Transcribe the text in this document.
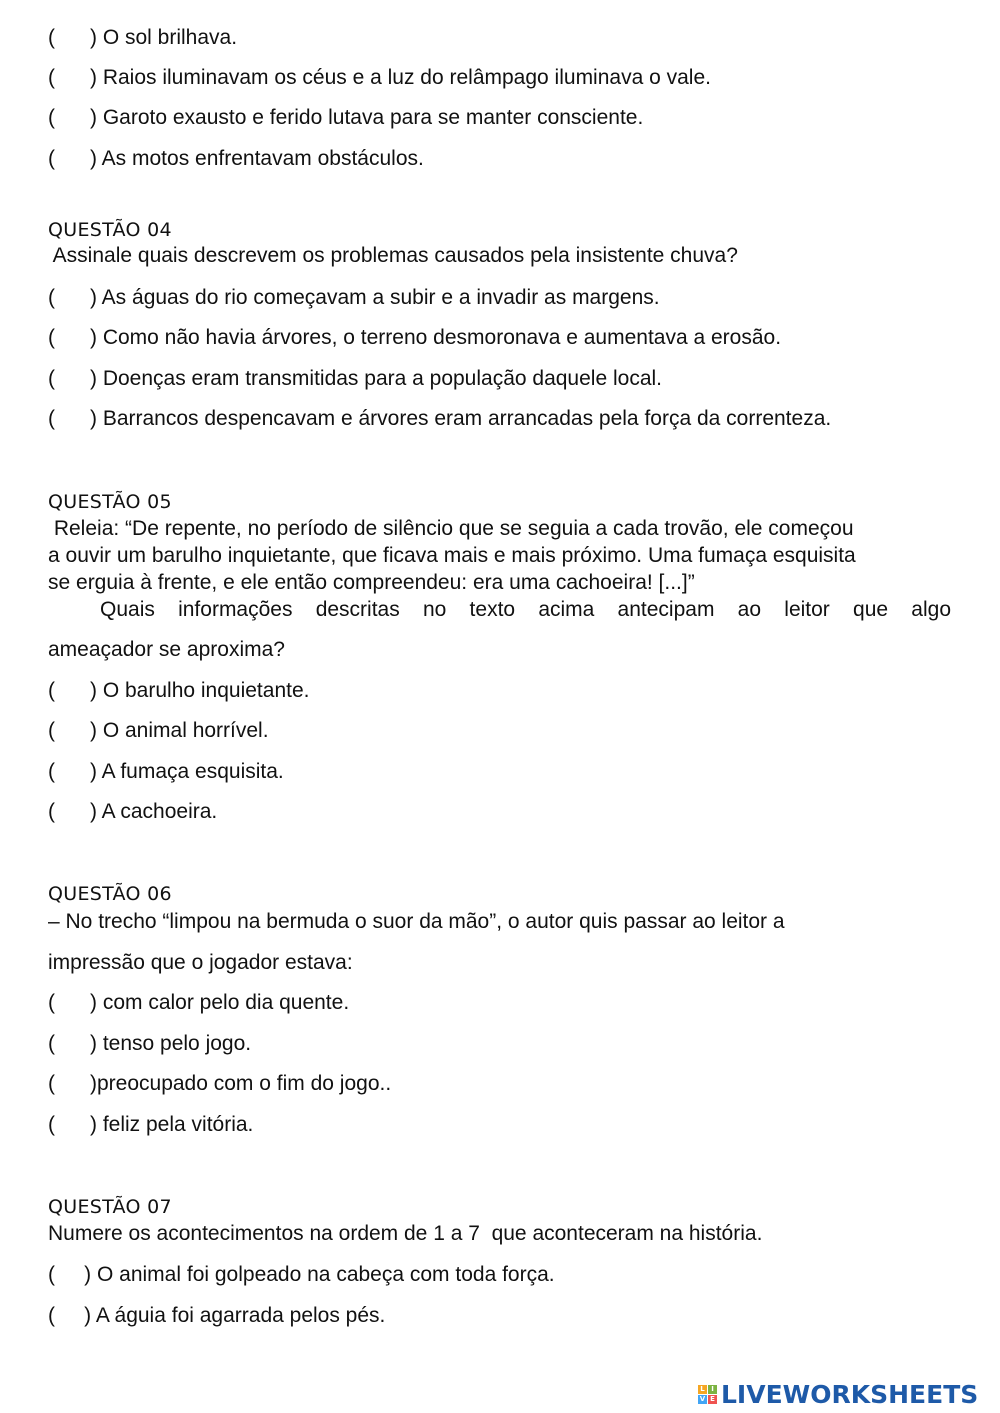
(      ) O sol brilhava.
(      ) Raios iluminavam os céus e a luz do relâmpago iluminava o vale.
(      ) Garoto exausto e ferido lutava para se manter consciente.
(      ) As motos enfrentavam obstáculos.
QUESTÃO 04
Assinale quais descrevem os problemas causados pela insistente chuva?
(      ) As águas do rio começavam a subir e a invadir as margens.
(      ) Como não havia árvores, o terreno desmoronava e aumentava a erosão.
(      ) Doenças eram transmitidas para a população daquele local.
(      ) Barrancos despencavam e árvores eram arrancadas pela força da correnteza.
QUESTÃO 05
Releia: “De repente, no período de silêncio que se seguia a cada trovão, ele começou
a ouvir um barulho inquietante, que ficava mais e mais próximo. Uma fumaça esquisita
se erguia à frente, e ele então compreendeu: era uma cachoeira! [...]”
Quais informações descritas no texto acima antecipam ao leitor que algo
ameaçador se aproxima?
(      ) O barulho inquietante.
(      ) O animal horrível.
(      ) A fumaça esquisita.
(      ) A cachoeira.
QUESTÃO 06
– No trecho “limpou na bermuda o suor da mão”, o autor quis passar ao leitor a
impressão que o jogador estava:
(      ) com calor pelo dia quente.
(      ) tenso pelo jogo.
(      )preocupado com o fim do jogo..
(      ) feliz pela vitória.
QUESTÃO 07
Numere os acontecimentos na ordem de 1 a 7  que aconteceram na história.
(     ) O animal foi golpeado na cabeça com toda força.
(     ) A águia foi agarrada pelos pés.
L I
V E LIVEWORKSHEETS
